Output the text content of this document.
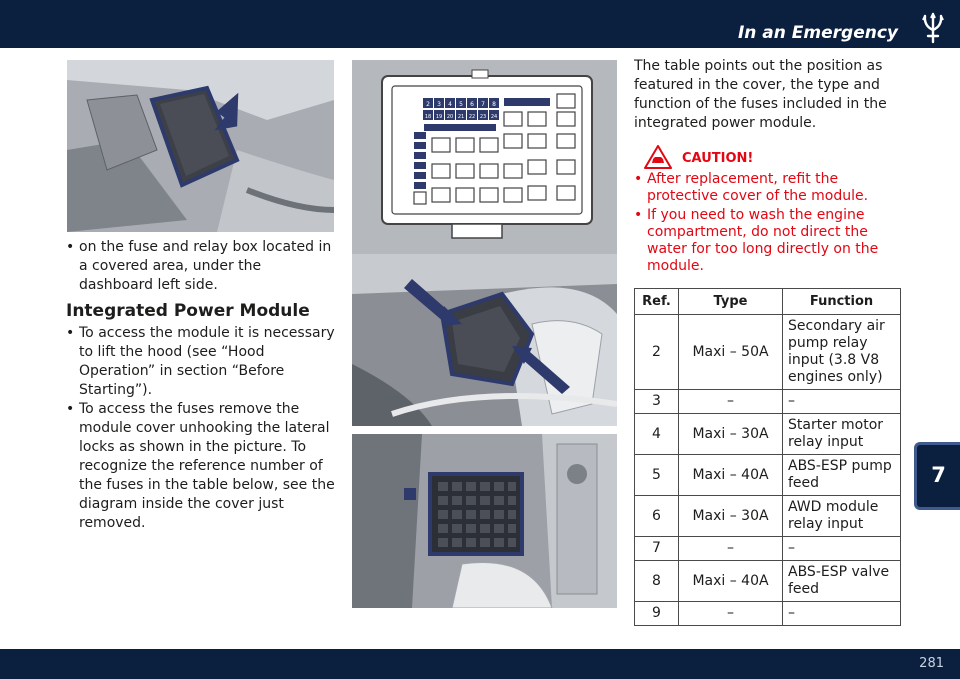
In an Emergency
2 3 4 5 6 7 8
18 19 20 21 22 23 24

• on the fuse and relay box located in a covered area, under the dashboard left side.

Integrated Power Module

• To access the module it is necessary to lift the hood (see “Hood Operation” in section “Before Starting”).

• To access the fuses remove the module cover unhooking the lateral locks as shown in the picture. To recognize the reference number of the fuses in the table below, see the diagram inside the cover just removed.

The table points out the position as featured in the cover, the type and function of the fuses included in the integrated power module.

CAUTION!

• After replacement, refit the protective cover of the module.

• If you need to wash the engine compartment, do not direct the water for too long directly on the module.

Ref.	Type	Function
2	Maxi – 50A	Secondary air pump relay input (3.8 V8 engines only)
3	–	–
4	Maxi – 30A	Starter motor relay input
5	Maxi – 40A	ABS-ESP pump feed
6	Maxi – 30A	AWD module relay input
7	–	–
8	Maxi – 40A	ABS-ESP valve feed
9	–	–
7
281
